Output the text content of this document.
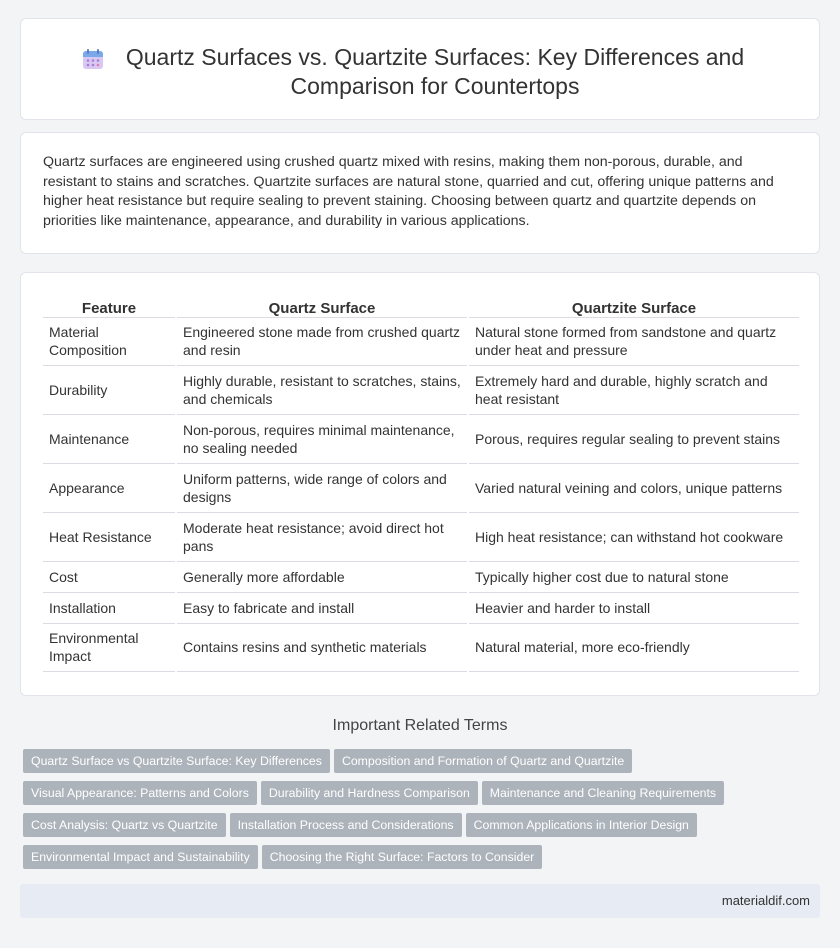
Quartz Surfaces vs. Quartzite Surfaces: Key Differences and Comparison for Countertops
Quartz surfaces are engineered using crushed quartz mixed with resins, making them non-porous, durable, and resistant to stains and scratches. Quartzite surfaces are natural stone, quarried and cut, offering unique patterns and higher heat resistance but require sealing to prevent staining. Choosing between quartz and quartzite depends on priorities like maintenance, appearance, and durability in various applications.
Feature	Quartz Surface	Quartzite Surface
Material Composition	Engineered stone made from crushed quartz and resin	Natural stone formed from sandstone and quartz under heat and pressure
Durability	Highly durable, resistant to scratches, stains, and chemicals	Extremely hard and durable, highly scratch and heat resistant
Maintenance	Non-porous, requires minimal maintenance, no sealing needed	Porous, requires regular sealing to prevent stains
Appearance	Uniform patterns, wide range of colors and designs	Varied natural veining and colors, unique patterns
Heat Resistance	Moderate heat resistance; avoid direct hot pans	High heat resistance; can withstand hot cookware
Cost	Generally more affordable	Typically higher cost due to natural stone
Installation	Easy to fabricate and install	Heavier and harder to install
Environmental Impact	Contains resins and synthetic materials	Natural material, more eco-friendly
Important Related Terms
Quartz Surface vs Quartzite Surface: Key Differences Composition and Formation of Quartz and Quartzite
Visual Appearance: Patterns and Colors Durability and Hardness Comparison Maintenance and Cleaning Requirements
Cost Analysis: Quartz vs Quartzite Installation Process and Considerations Common Applications in Interior Design
Environmental Impact and Sustainability Choosing the Right Surface: Factors to Consider
materialdif.com
